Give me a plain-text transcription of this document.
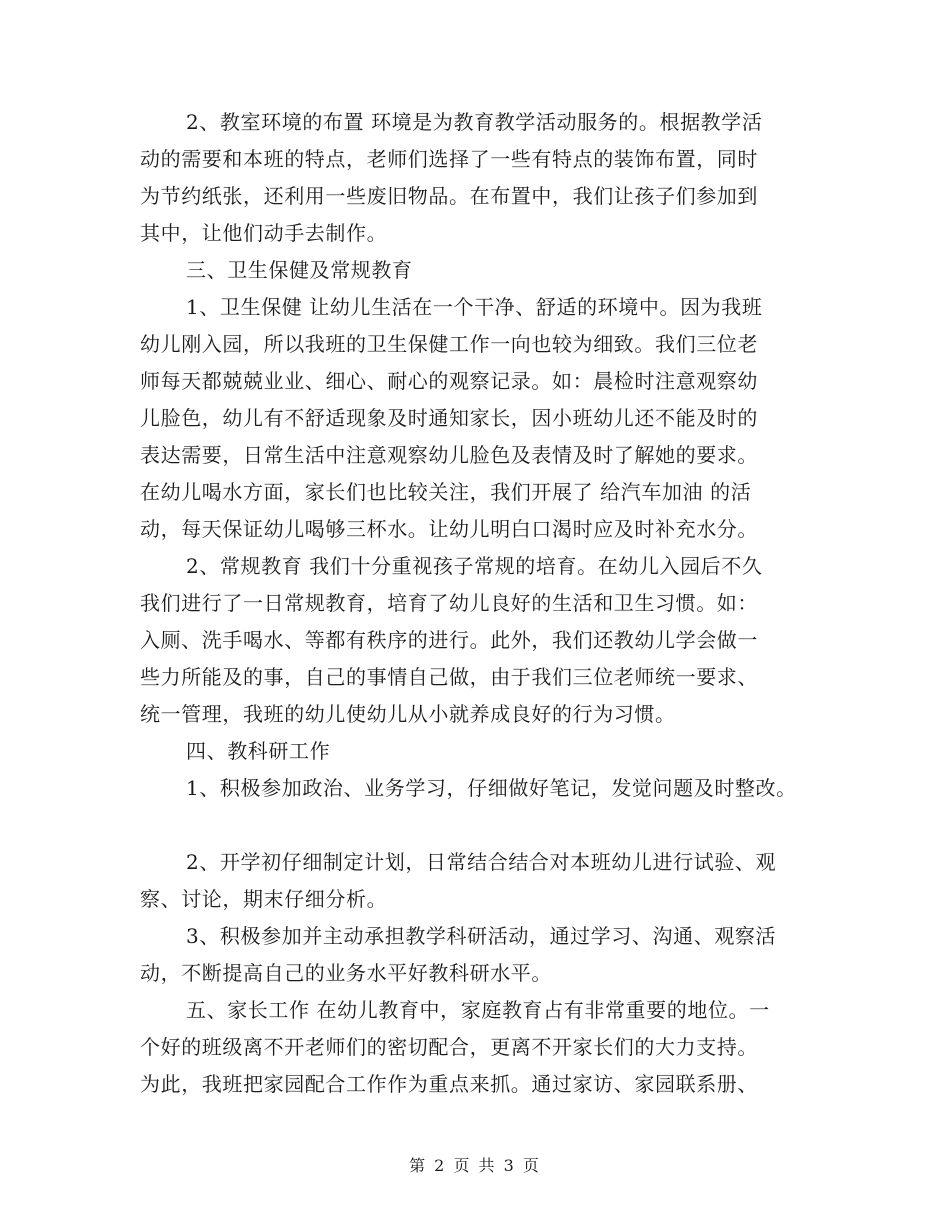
2、教室环境的布置 环境是为教育教学活动服务的。根据教学活
动的需要和本班的特点，老师们选择了一些有特点的装饰布置，同时
为节约纸张，还利用一些废旧物品。在布置中，我们让孩子们参加到
其中，让他们动手去制作。
三、卫生保健及常规教育
1、卫生保健 让幼儿生活在一个干净、舒适的环境中。因为我班
幼儿刚入园，所以我班的卫生保健工作一向也较为细致。我们三位老
师每天都兢兢业业、细心、耐心的观察记录。如：晨检时注意观察幼
儿脸色，幼儿有不舒适现象及时通知家长，因小班幼儿还不能及时的
表达需要，日常生活中注意观察幼儿脸色及表情及时了解她的要求。
在幼儿喝水方面，家长们也比较关注，我们开展了 给汽车加油 的活
动，每天保证幼儿喝够三杯水。让幼儿明白口渴时应及时补充水分。
2、常规教育 我们十分重视孩子常规的培育。在幼儿入园后不久
我们进行了一日常规教育，培育了幼儿良好的生活和卫生习惯。如：
入厕、洗手喝水、等都有秩序的进行。此外，我们还教幼儿学会做一
些力所能及的事，自己的事情自己做，由于我们三位老师统一要求、
统一管理，我班的幼儿使幼儿从小就养成良好的行为习惯。
四、教科研工作
1、积极参加政治、业务学习，仔细做好笔记，发觉问题及时整改。
2、开学初仔细制定计划，日常结合结合对本班幼儿进行试验、观
察、讨论，期末仔细分析。
3、积极参加并主动承担教学科研活动，通过学习、沟通、观察活
动，不断提高自己的业务水平好教科研水平。
五、家长工作 在幼儿教育中，家庭教育占有非常重要的地位。一
个好的班级离不开老师们的密切配合，更离不开家长们的大力支持。
为此，我班把家园配合工作作为重点来抓。通过家访、家园联系册、
第 2 页 共 3 页
